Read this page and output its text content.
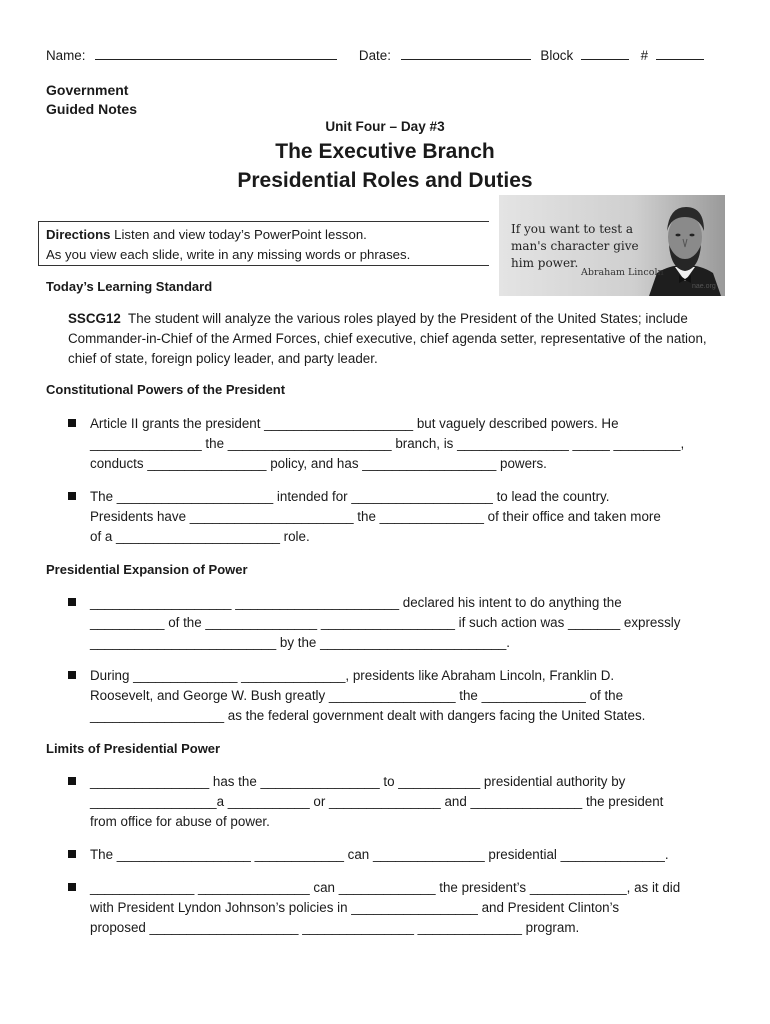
Name:	Date:	Block	#
Government
Guided Notes
Unit Four – Day #3
The Executive Branch
Presidential Roles and Duties
Directions Listen and view today’s PowerPoint lesson.
As you view each slide, write in any missing words or phrases.
If you want to test a man's character give him power.
Abraham Lincoln
nae.org
Today’s Learning Standard
SSCG12 The student will analyze the various roles played by the President of the United States; include Commander-in-Chief of the Armed Forces, chief executive, chief agenda setter, representative of the nation, chief of state, foreign policy leader, and party leader.
Constitutional Powers of the President
Article II grants the president ____________________ but vaguely described powers. He
_______________ the ______________________ branch, is _______________ _____ _________,
conducts ________________ policy, and has __________________ powers.
The _____________________ intended for ___________________ to lead the country.
Presidents have ______________________ the ______________ of their office and taken more
of a ______________________ role.
Presidential Expansion of Power
___________________ ______________________ declared his intent to do anything the
__________ of the _______________ __________________ if such action was _______ expressly
_________________________ by the _________________________.
During ______________ ______________, presidents like Abraham Lincoln, Franklin D.
Roosevelt, and George W. Bush greatly _________________ the ______________ of the
__________________ as the federal government dealt with dangers facing the United States.
Limits of Presidential Power
________________ has the ________________ to ___________ presidential authority by
_________________a ___________ or _______________ and _______________ the president
from office for abuse of power.
The __________________ ____________ can _______________ presidential ______________.
______________ _______________ can _____________ the president’s _____________, as it did
with President Lyndon Johnson’s policies in _________________ and President Clinton’s
proposed ____________________ _______________ ______________ program.
